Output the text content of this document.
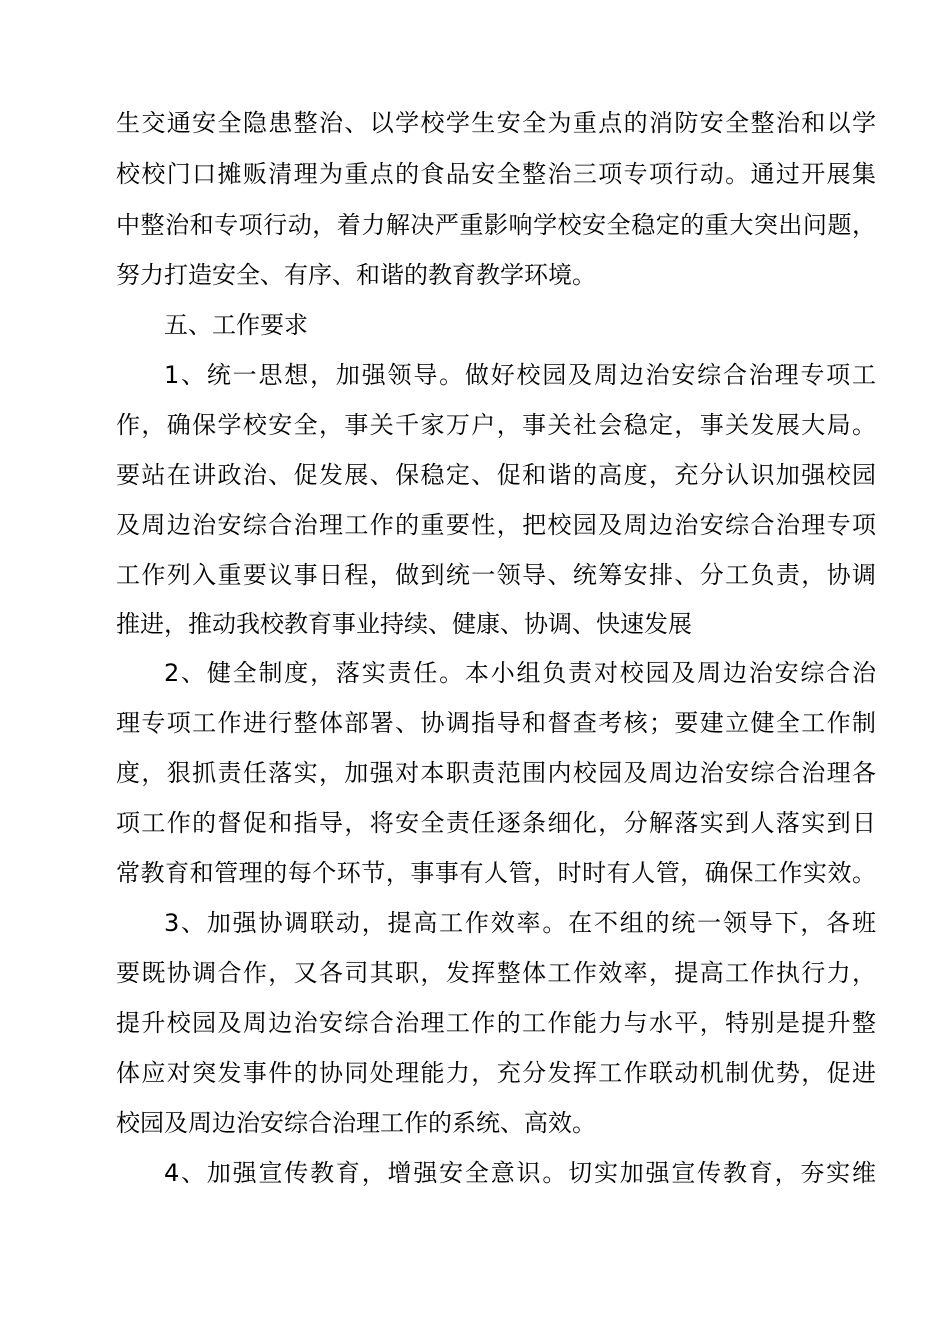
生交通安全隐患整治、以学校学生安全为重点的消防安全整治和以学
校校门口摊贩清理为重点的食品安全整治三项专项行动。通过开展集
中整治和专项行动，着力解决严重影响学校安全稳定的重大突出问题，
努力打造安全、有序、和谐的教育教学环境。
五、工作要求
1、统一思想，加强领导。做好校园及周边治安综合治理专项工
作，确保学校安全，事关千家万户，事关社会稳定，事关发展大局。
要站在讲政治、促发展、保稳定、促和谐的高度，充分认识加强校园
及周边治安综合治理工作的重要性，把校园及周边治安综合治理专项
工作列入重要议事日程，做到统一领导、统筹安排、分工负责，协调
推进，推动我校教育事业持续、健康、协调、快速发展
2、健全制度，落实责任。本小组负责对校园及周边治安综合治
理专项工作进行整体部署、协调指导和督查考核；要建立健全工作制
度，狠抓责任落实，加强对本职责范围内校园及周边治安综合治理各
项工作的督促和指导，将安全责任逐条细化，分解落实到人落实到日
常教育和管理的每个环节，事事有人管，时时有人管，确保工作实效。
3、加强协调联动，提高工作效率。在不组的统一领导下，各班
要既协调合作，又各司其职，发挥整体工作效率，提高工作执行力，
提升校园及周边治安综合治理工作的工作能力与水平，特别是提升整
体应对突发事件的协同处理能力，充分发挥工作联动机制优势，促进
校园及周边治安综合治理工作的系统、高效。
4、加强宣传教育，增强安全意识。切实加强宣传教育，夯实维
